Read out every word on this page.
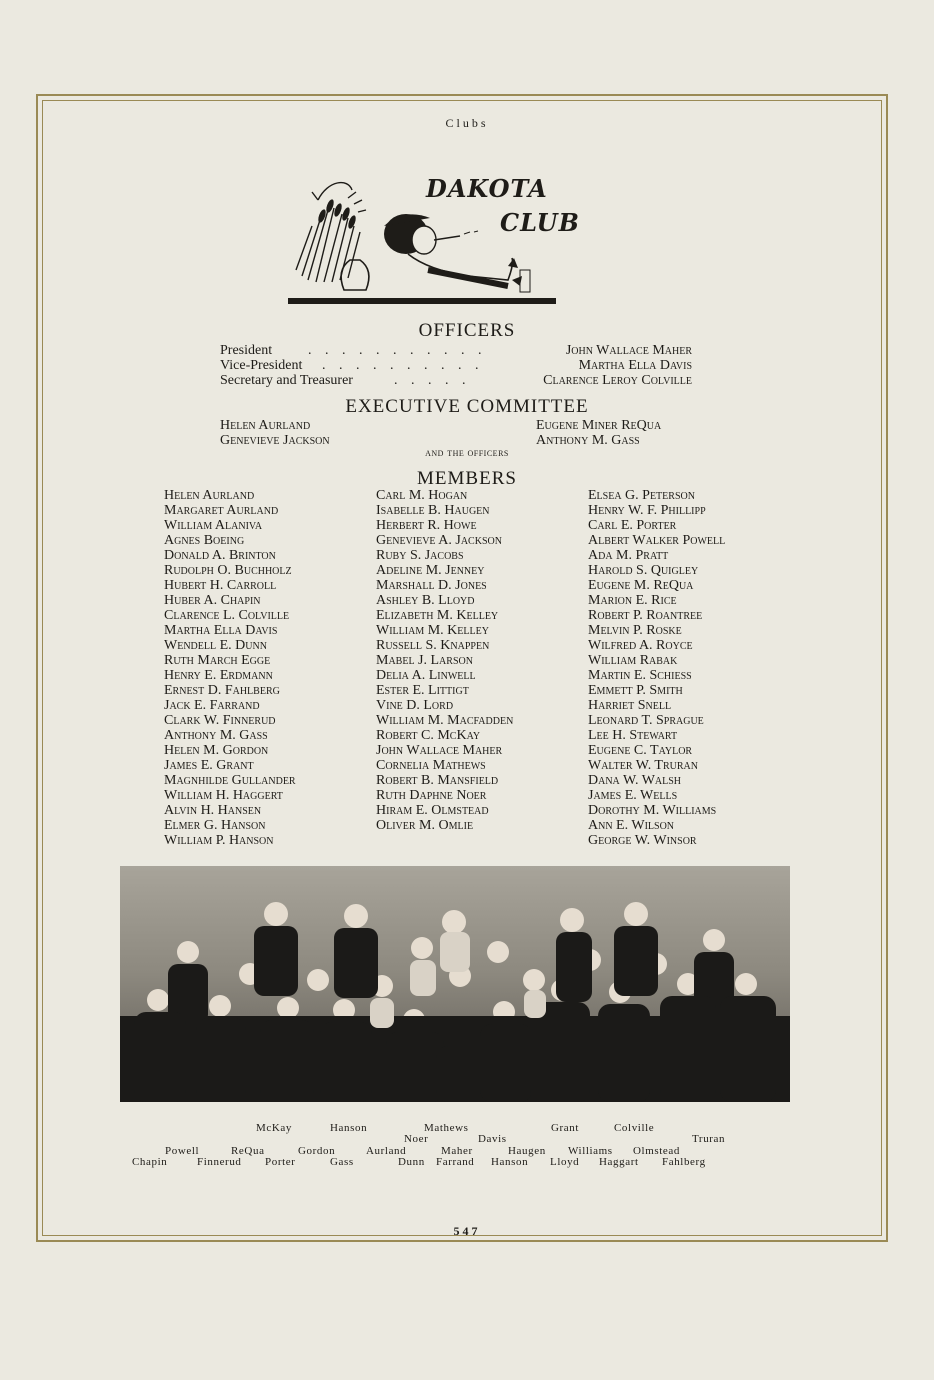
Clubs
DAKOTA
CLUB
OFFICERS
President	. . . . . . . . . . .	John Wallace Maher
Vice-President . . . . . . . . . .	Martha Ella Davis
Secretary and Treasurer	. . . . .	Clarence Leroy Colville
EXECUTIVE COMMITTEE
Helen Aurland
Genevieve Jackson
Eugene Miner ReQua
Anthony M. Gass
and the officers
MEMBERS
Helen Aurland
Margaret Aurland
William Alaniva
Agnes Boeing
Donald A. Brinton
Rudolph O. Buchholz
Hubert H. Carroll
Huber A. Chapin
Clarence L. Colville
Martha Ella Davis
Wendell E. Dunn
Ruth March Egge
Henry E. Erdmann
Ernest D. Fahlberg
Jack E. Farrand
Clark W. Finnerud
Anthony M. Gass
Helen M. Gordon
James E. Grant
Magnhilde Gullander
William H. Haggert
Alvin H. Hansen
Elmer G. Hanson
William P. Hanson
Carl M. Hogan
Isabelle B. Haugen
Herbert R. Howe
Genevieve A. Jackson
Ruby S. Jacobs
Adeline M. Jenney
Marshall D. Jones
Ashley B. Lloyd
Elizabeth M. Kelley
William M. Kelley
Russell S. Knappen
Mabel J. Larson
Delia A. Linwell
Ester E. Littigt
Vine D. Lord
William M. Macfadden
Robert C. McKay
John Wallace Maher
Cornelia Mathews
Robert B. Mansfield
Ruth Daphne Noer
Hiram E. Olmstead
Oliver M. Omlie
Elsea G. Peterson
Henry W. F. Phillipp
Carl E. Porter
Albert Walker Powell
Ada M. Pratt
Harold S. Quigley
Eugene M. ReQua
Marion E. Rice
Robert P. Roantree
Melvin P. Roske
Wilfred A. Royce
William Rabak
Martin E. Schiess
Emmett P. Smith
Harriet Snell
Leonard T. Sprague
Lee H. Stewart
Eugene C. Taylor
Walter W. Truran
Dana W. Walsh
James E. Wells
Dorothy M. Williams
Ann E. Wilson
George W. Winsor
McKay	Hanson	Mathews	Grant	Colville
Noer	Davis	Truran
Powell	ReQua	Gordon	Aurland	Maher	Haugen Williams Olmstead
Chapin	Finnerud Porter	Gass	Dunn Farrand Hanson Lloyd Haggart Fahlberg
547
